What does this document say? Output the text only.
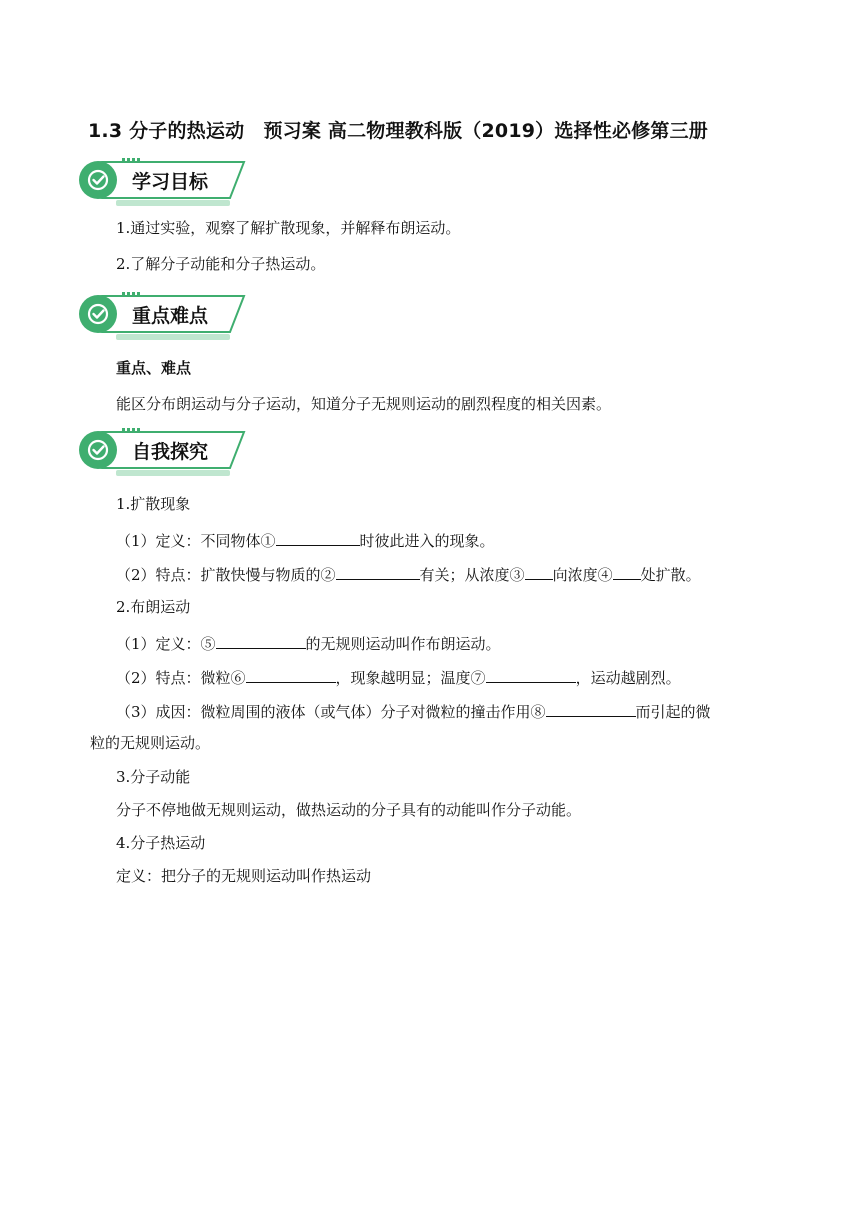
1.3 分子的热运动　预习案 高二物理教科版（2019）选择性必修第三册
学习目标
1.通过实验，观察了解扩散现象，并解释布朗运动。
2.了解分子动能和分子热运动。
重点难点
重点、难点
能区分布朗运动与分子运动，知道分子无规则运动的剧烈程度的相关因素。
自我探究
1.扩散现象
（1）定义：不同物体①	时彼此进入的现象。
（2）特点：扩散快慢与物质的②	有关；从浓度③ 向浓度④ 处扩散。
2.布朗运动
（1）定义：⑤	的无规则运动叫作布朗运动。
（2）特点：微粒⑥	，现象越明显；温度⑦	，运动越剧烈。
（3）成因：微粒周围的液体（或气体）分子对微粒的撞击作用⑧	而引起的微
粒的无规则运动。
3.分子动能
分子不停地做无规则运动，做热运动的分子具有的动能叫作分子动能。
4.分子热运动
定义：把分子的无规则运动叫作热运动
